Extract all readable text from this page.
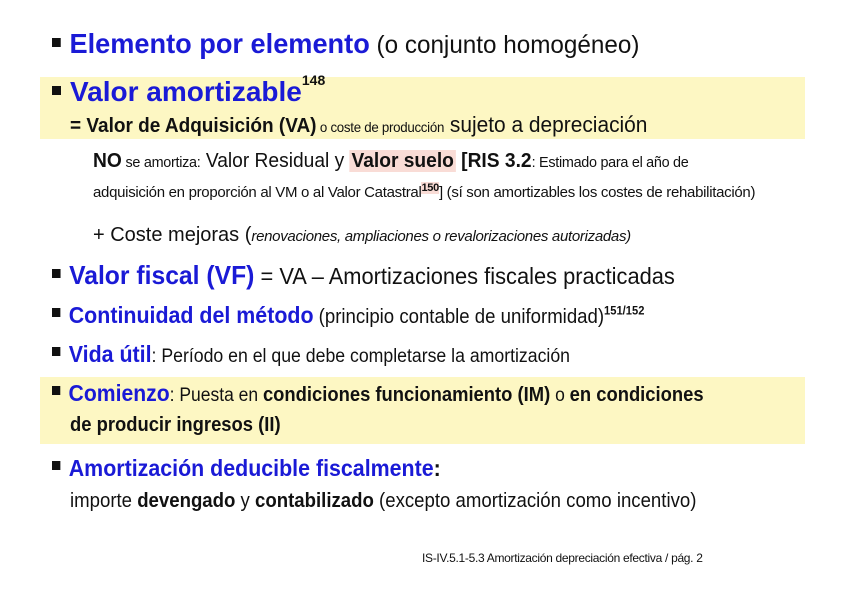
Elemento por elemento (o conjunto homogéneo)
Valor amortizable$^{148}$
= Valor de Adquisición (VA) o coste de producción sujeto a depreciación
NO se amortiza: Valor Residual y Valor suelo [RIS 3.2: Estimado para el año de
adquisición en proporción al VM o al Valor Catastral$^{150}$] (sí son amortizables los costes de rehabilitación)
+ Coste mejoras (renovaciones, ampliaciones o revalorizaciones autorizadas)
Valor fiscal (VF) = VA – Amortizaciones fiscales practicadas
Continuidad del método (principio contable de uniformidad)$^{151/152}$
Vida útil: Período en el que debe completarse la amortización
Comienzo: Puesta en condiciones funcionamiento (IM) o en condiciones
de producir ingresos (II)
Amortización deducible fiscalmente:
importe devengado y contabilizado (excepto amortización como incentivo)
IS-IV.5.1-5.3 Amortización depreciación efectiva / pág. 2
